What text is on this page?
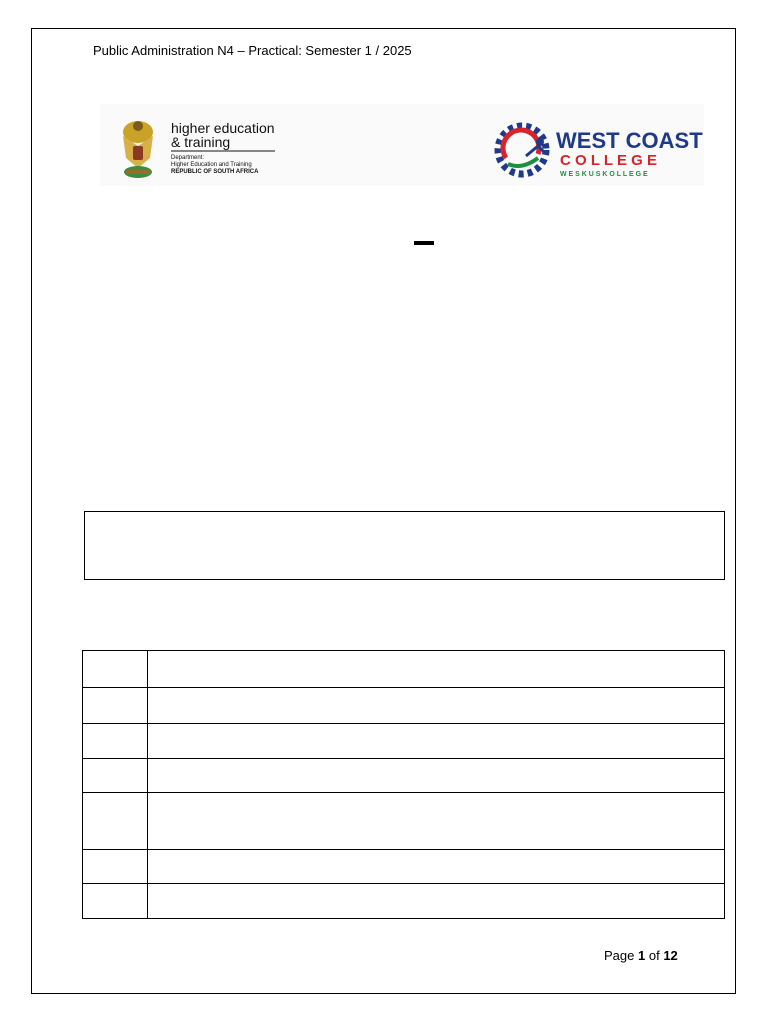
Public Administration N4 – Practical: Semester 1 / 2025
higher education
& training
Department:
Higher Education and Training
REPUBLIC OF SOUTH AFRICA
WEST COAST
C O L L E G E
W E S K U S K O L L E G E

Page 1 of 12
